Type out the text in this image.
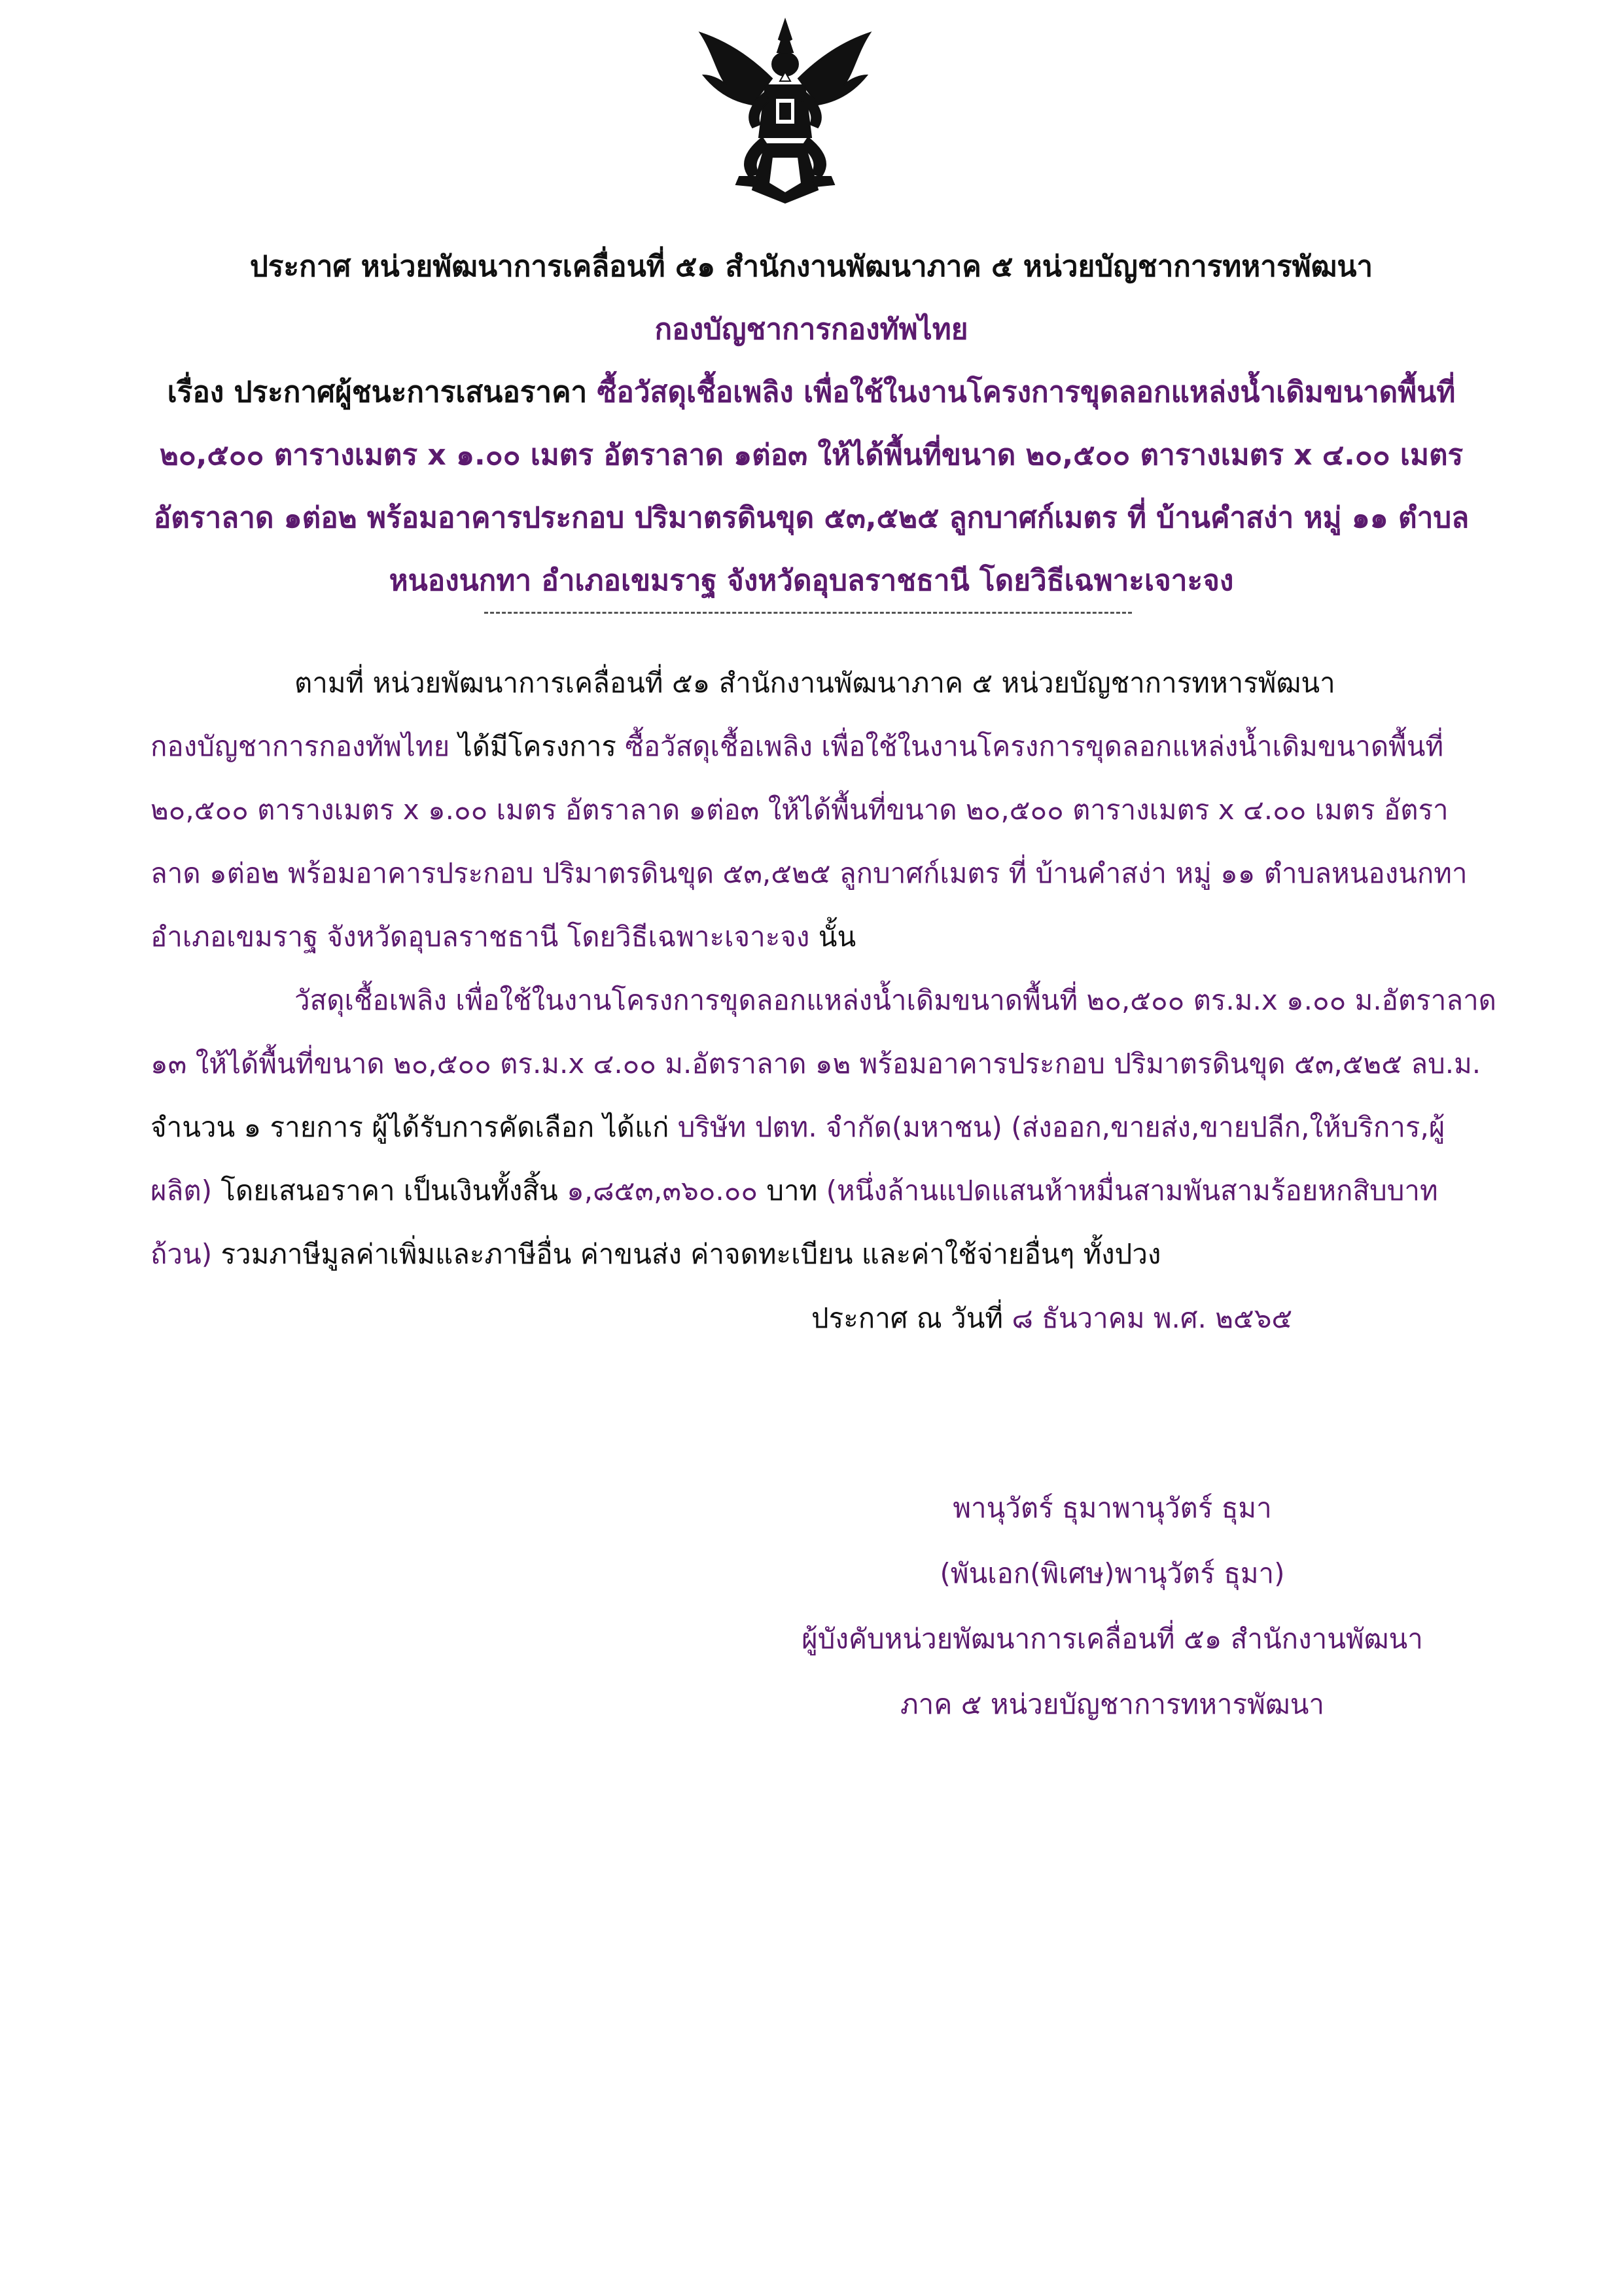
ประกาศ หน่วยพัฒนาการเคลื่อนที่ ๕๑ สำนักงานพัฒนาภาค ๕ หน่วยบัญชาการทหารพัฒนา
กองบัญชาการกองทัพไทย
เรื่อง ประกาศผู้ชนะการเสนอราคา ซื้อวัสดุเชื้อเพลิง เพื่อใช้ในงานโครงการขุดลอกแหล่งน้ำเดิมขนาดพื้นที่
๒๐,๕๐๐ ตารางเมตร x ๑.๐๐ เมตร อัตราลาด ๑ต่อ๓ ให้ได้พื้นที่ขนาด ๒๐,๕๐๐ ตารางเมตร x ๔.๐๐ เมตร
อัตราลาด ๑ต่อ๒ พร้อมอาคารประกอบ ปริมาตรดินขุด ๕๓,๕๒๕ ลูกบาศก์เมตร ที่ บ้านคำสง่า หมู่ ๑๑ ตำบล
หนองนกทา อำเภอเขมราฐ จังหวัดอุบลราชธานี โดยวิธีเฉพาะเจาะจง
ตามที่ หน่วยพัฒนาการเคลื่อนที่ ๕๑ สำนักงานพัฒนาภาค ๕ หน่วยบัญชาการทหารพัฒนา
กองบัญชาการกองทัพไทย ได้มีโครงการ ซื้อวัสดุเชื้อเพลิง เพื่อใช้ในงานโครงการขุดลอกแหล่งน้ำเดิมขนาดพื้นที่
๒๐,๕๐๐ ตารางเมตร x ๑.๐๐ เมตร อัตราลาด ๑ต่อ๓ ให้ได้พื้นที่ขนาด ๒๐,๕๐๐ ตารางเมตร x ๔.๐๐ เมตร อัตรา
ลาด ๑ต่อ๒ พร้อมอาคารประกอบ ปริมาตรดินขุด ๕๓,๕๒๕ ลูกบาศก์เมตร ที่ บ้านคำสง่า หมู่ ๑๑ ตำบลหนองนกทา
อำเภอเขมราฐ จังหวัดอุบลราชธานี โดยวิธีเฉพาะเจาะจง นั้น
วัสดุเชื้อเพลิง เพื่อใช้ในงานโครงการขุดลอกแหล่งน้ำเดิมขนาดพื้นที่ ๒๐,๕๐๐ ตร.ม.x ๑.๐๐ ม.อัตราลาด
๑๓ ให้ได้พื้นที่ขนาด ๒๐,๕๐๐ ตร.ม.x ๔.๐๐ ม.อัตราลาด ๑๒ พร้อมอาคารประกอบ ปริมาตรดินขุด ๕๓,๕๒๕ ลบ.ม.
จำนวน ๑ รายการ ผู้ได้รับการคัดเลือก ได้แก่ บริษัท ปตท. จำกัด(มหาชน) (ส่งออก,ขายส่ง,ขายปลีก,ให้บริการ,ผู้
ผลิต) โดยเสนอราคา เป็นเงินทั้งสิ้น ๑,๘๕๓,๓๖๐.๐๐ บาท (หนึ่งล้านแปดแสนห้าหมื่นสามพันสามร้อยหกสิบบาท
ถ้วน) รวมภาษีมูลค่าเพิ่มและภาษีอื่น ค่าขนส่ง ค่าจดทะเบียน และค่าใช้จ่ายอื่นๆ ทั้งปวง
ประกาศ ณ วันที่ ๘ ธันวาคม พ.ศ. ๒๕๖๕
พานุวัตร์ ธุมาพานุวัตร์ ธุมา
(พันเอก(พิเศษ)พานุวัตร์ ธุมา)
ผู้บังคับหน่วยพัฒนาการเคลื่อนที่ ๕๑ สำนักงานพัฒนา
ภาค ๕ หน่วยบัญชาการทหารพัฒนา
